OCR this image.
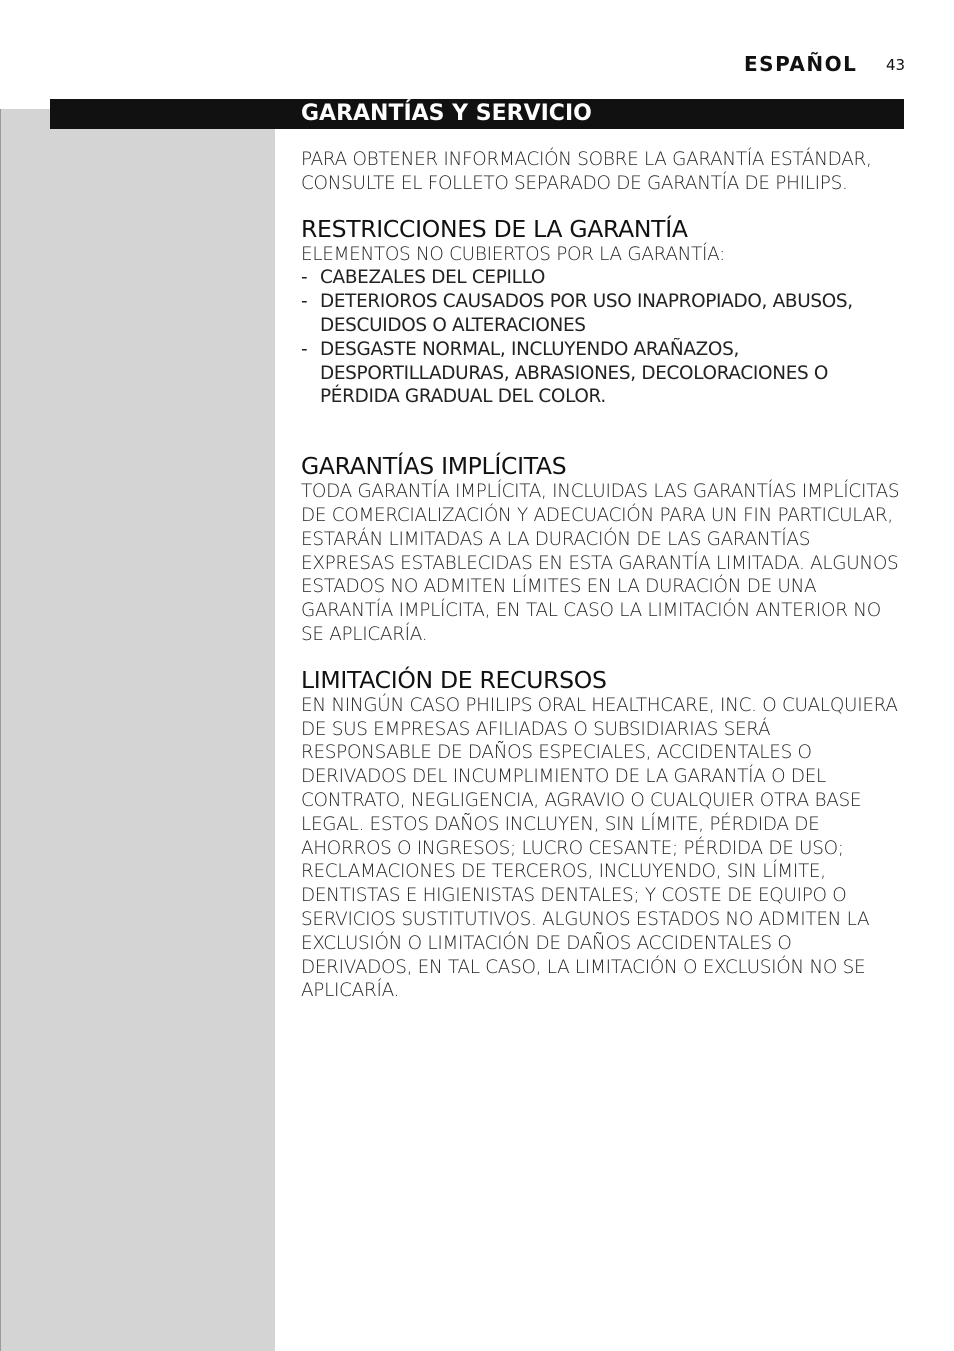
ESPAÑOL 43
GARANTÍAS Y SERVICIO

PARA OBTENER INFORMACIÓN SOBRE LA GARANTÍA ESTÁNDAR, CONSULTE EL FOLLETO SEPARADO DE GARANTÍA DE PHILIPS.

RESTRICCIONES DE LA GARANTÍA

ELEMENTOS NO CUBIERTOS POR LA GARANTÍA:

- CABEZALES DEL CEPILLO
- DETERIOROS CAUSADOS POR USO INAPROPIADO, ABUSOS, DESCUIDOS O ALTERACIONES
- DESGASTE NORMAL, INCLUYENDO ARAÑAZOS, DESPORTILLADURAS, ABRASIONES, DECOLORACIONES O PÉRDIDA GRADUAL DEL COLOR.
GARANTÍAS IMPLÍCITAS

TODA GARANTÍA IMPLÍCITA, INCLUIDAS LAS GARANTÍAS IMPLÍCITAS DE COMERCIALIZACIÓN Y ADECUACIÓN PARA UN FIN PARTICULAR, ESTARÁN LIMITADAS A LA DURACIÓN DE LAS GARANTÍAS EXPRESAS ESTABLECIDAS EN ESTA GARANTÍA LIMITADA. ALGUNOS ESTADOS NO ADMITEN LÍMITES EN LA DURACIÓN DE UNA GARANTÍA IMPLÍCITA, EN TAL CASO LA LIMITACIÓN ANTERIOR NO SE APLICARÍA.

LIMITACIÓN DE RECURSOS

EN NINGÚN CASO PHILIPS ORAL HEALTHCARE, INC. O CUALQUIERA DE SUS EMPRESAS AFILIADAS O SUBSIDIARIAS SERÁ RESPONSABLE DE DAÑOS ESPECIALES, ACCIDENTALES O DERIVADOS DEL INCUMPLIMIENTO DE LA GARANTÍA O DEL CONTRATO, NEGLIGENCIA, AGRAVIO O CUALQUIER OTRA BASE LEGAL. ESTOS DAÑOS INCLUYEN, SIN LÍMITE, PÉRDIDA DE AHORROS O INGRESOS; LUCRO CESANTE; PÉRDIDA DE USO; RECLAMACIONES DE TERCEROS, INCLUYENDO, SIN LÍMITE, DENTISTAS E HIGIENISTAS DENTALES; Y COSTE DE EQUIPO O SERVICIOS SUSTITUTIVOS. ALGUNOS ESTADOS NO ADMITEN LA EXCLUSIÓN O LIMITACIÓN DE DAÑOS ACCIDENTALES O DERIVADOS, EN TAL CASO, LA LIMITACIÓN O EXCLUSIÓN NO SE APLICARÍA.
